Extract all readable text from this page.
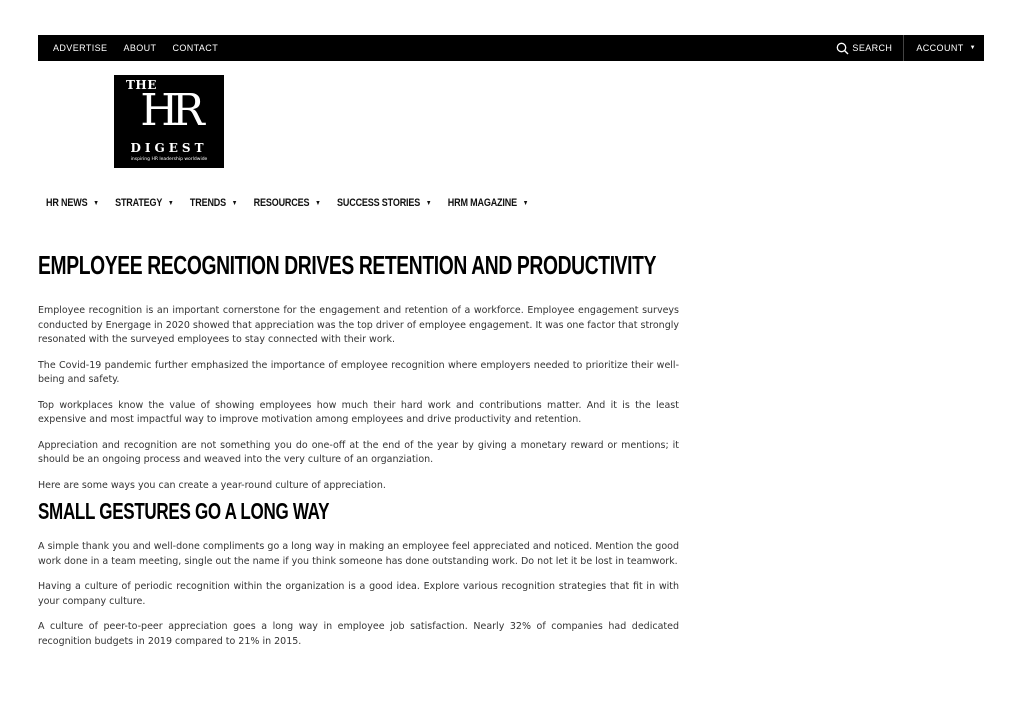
ADVERTISE ABOUT CONTACT	SEARCH	ACCOUNT ▼
THE
HR
DIGEST
inspiring HR leadership worldwide
HR NEWS ▼ STRATEGY ▼ TRENDS ▼ RESOURCES ▼ SUCCESS STORIES ▼ HRM MAGAZINE ▼
EMPLOYEE RECOGNITION DRIVES RETENTION AND PRODUCTIVITY

Employee recognition is an important cornerstone for the engagement and retention of a workforce. Employee engagement surveys conducted by Energage in 2020 showed that appreciation was the top driver of employee engagement. It was one factor that strongly resonated with the surveyed employees to stay connected with their work.

The Covid-19 pandemic further emphasized the importance of employee recognition where employers needed to prioritize their well-being and safety.

Top workplaces know the value of showing employees how much their hard work and contributions matter. And it is the least expensive and most impactful way to improve motivation among employees and drive productivity and retention.

Appreciation and recognition are not something you do one-off at the end of the year by giving a monetary reward or mentions; it should be an ongoing process and weaved into the very culture of an organziation.

Here are some ways you can create a year-round culture of appreciation.

SMALL GESTURES GO A LONG WAY

A simple thank you and well-done compliments go a long way in making an employee feel appreciated and noticed. Mention the good work done in a team meeting, single out the name if you think someone has done outstanding work. Do not let it be lost in teamwork.

Having a culture of periodic recognition within the organization is a good idea. Explore various recognition strategies that fit in with your company culture.

A culture of peer-to-peer appreciation goes a long way in employee job satisfaction. Nearly 32% of companies had dedicated recognition budgets in 2019 compared to 21% in 2015.
